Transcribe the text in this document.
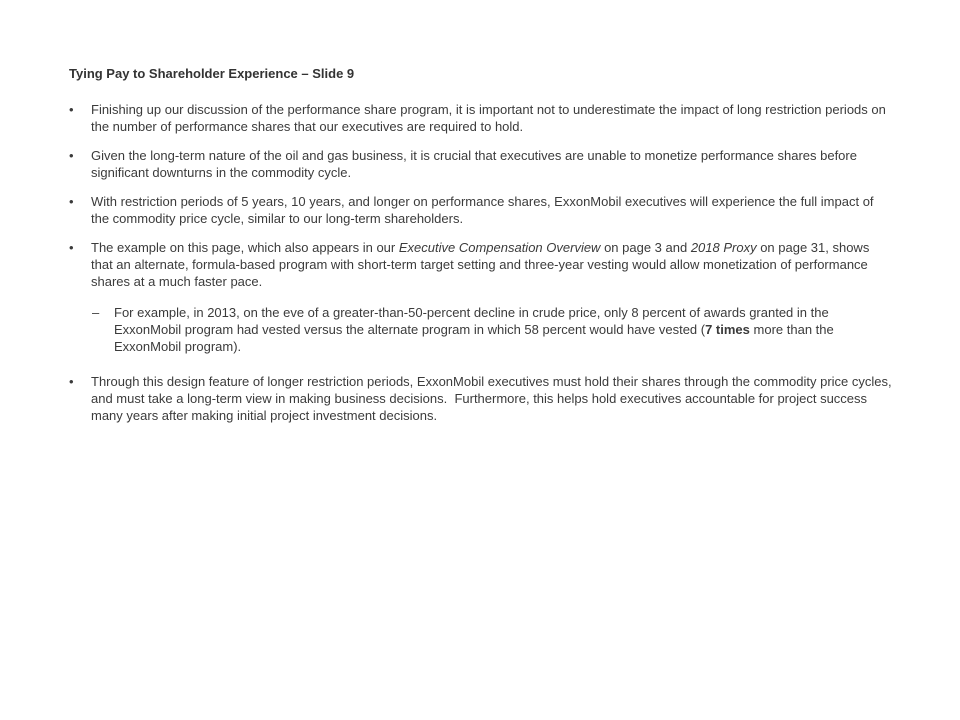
Tying Pay to Shareholder Experience – Slide 9
•	Finishing up our discussion of the performance share program, it is important not to underestimate the impact of long restriction periods on the number of performance shares that our executives are required to hold.
•	Given the long-term nature of the oil and gas business, it is crucial that executives are unable to monetize performance shares before significant downturns in the commodity cycle.
•	With restriction periods of 5 years, 10 years, and longer on performance shares, ExxonMobil executives will experience the full impact of the commodity price cycle, similar to our long-term shareholders.
•	The example on this page, which also appears in our Executive Compensation Overview on page 3 and 2018 Proxy on page 31, shows that an alternate, formula-based program with short-term target setting and three-year vesting would allow monetization of performance shares at a much faster pace.
–	For example, in 2013, on the eve of a greater-than-50-percent decline in crude price, only 8 percent of awards granted in the ExxonMobil program had vested versus the alternate program in which 58 percent would have vested (7 times more than the ExxonMobil program).
•	Through this design feature of longer restriction periods, ExxonMobil executives must hold their shares through the commodity price cycles, and must take a long-term view in making business decisions.  Furthermore, this helps hold executives accountable for project success many years after making initial project investment decisions.
